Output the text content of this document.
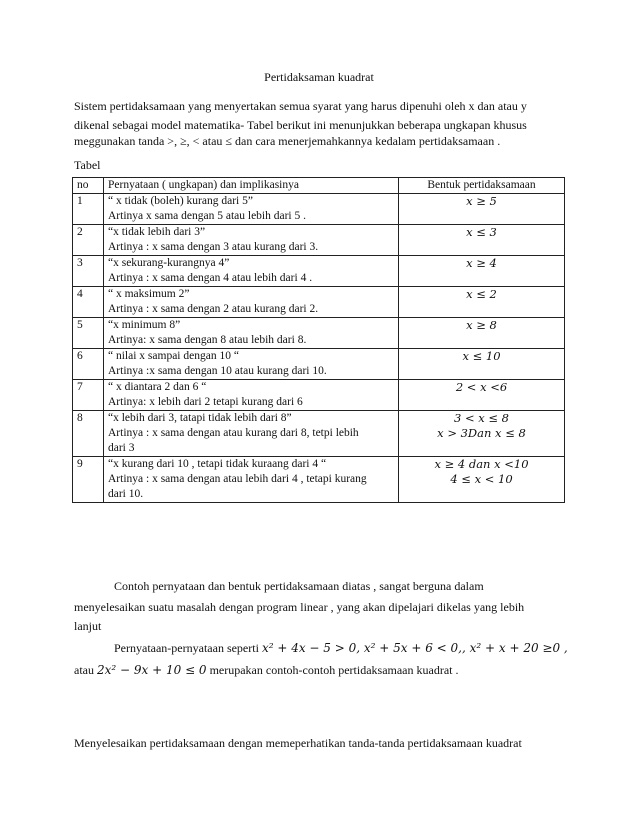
Pertidaksaman kuadrat
Sistem pertidaksamaan yang menyertakan semua syarat yang harus dipenuhi oleh x dan atau y
dikenal sebagai model matematika- Tabel berikut ini menunjukkan beberapa ungkapan khusus
meggunakan tanda >, ≥, < atau ≤ dan cara menerjemahkannya kedalam pertidaksamaan .
Tabel
no	Pernyataan ( ungkapan) dan implikasinya	Bentuk pertidaksamaan
1	“ x tidak (boleh) kurang dari 5”
Artinya x sama dengan 5 atau lebih dari 5 .	x ≥ 5

2	“x tidak lebih dari 3”
Artinya : x sama dengan 3 atau kurang dari 3.	x ≤ 3

3	“x sekurang-kurangnya 4”
Artinya : x sama dengan 4 atau lebih dari 4 .	x ≥ 4

4	“ x maksimum 2”
Artinya : x sama dengan 2 atau kurang dari 2.	x ≤ 2

5	“x minimum 8”
Artinya: x sama dengan 8 atau lebih dari 8.	x ≥ 8

6	“ nilai x sampai dengan 10 “
Artinya :x sama dengan 10 atau kurang dari 10.	x ≤ 10

7	“ x diantara 2 dan 6 “
Artinya: x lebih dari 2 tetapi kurang dari 6	2 < x <6

8	“x lebih dari 3, tatapi tidak lebih dari 8”
Artinya : x sama dengan atau kurang dari 8, tetpi lebih
dari 3	3 < x ≤ 8
x > 3Dan x ≤ 8

9	“x kurang dari 10 , tetapi tidak kuraang dari 4 “
Artinya : x sama dengan atau lebih dari 4 , tetapi kurang
dari 10.	x ≥ 4 dan x <10
4 ≤ x < 10
Contoh pernyataan dan bentuk pertidaksamaan diatas , sangat berguna dalam
menyelesaikan suatu masalah dengan program linear , yang akan dipelajari dikelas yang lebih
lanjut
Pernyataan-pernyataan seperti x² + 4x − 5 > 0, x² + 5x + 6 < 0,, x² + x + 20 ≥0 ,
atau 2x² − 9x + 10 ≤ 0 merupakan contoh-contoh pertidaksamaan kuadrat .
Menyelesaikan pertidaksamaan dengan memeperhatikan tanda-tanda pertidaksamaan kuadrat
